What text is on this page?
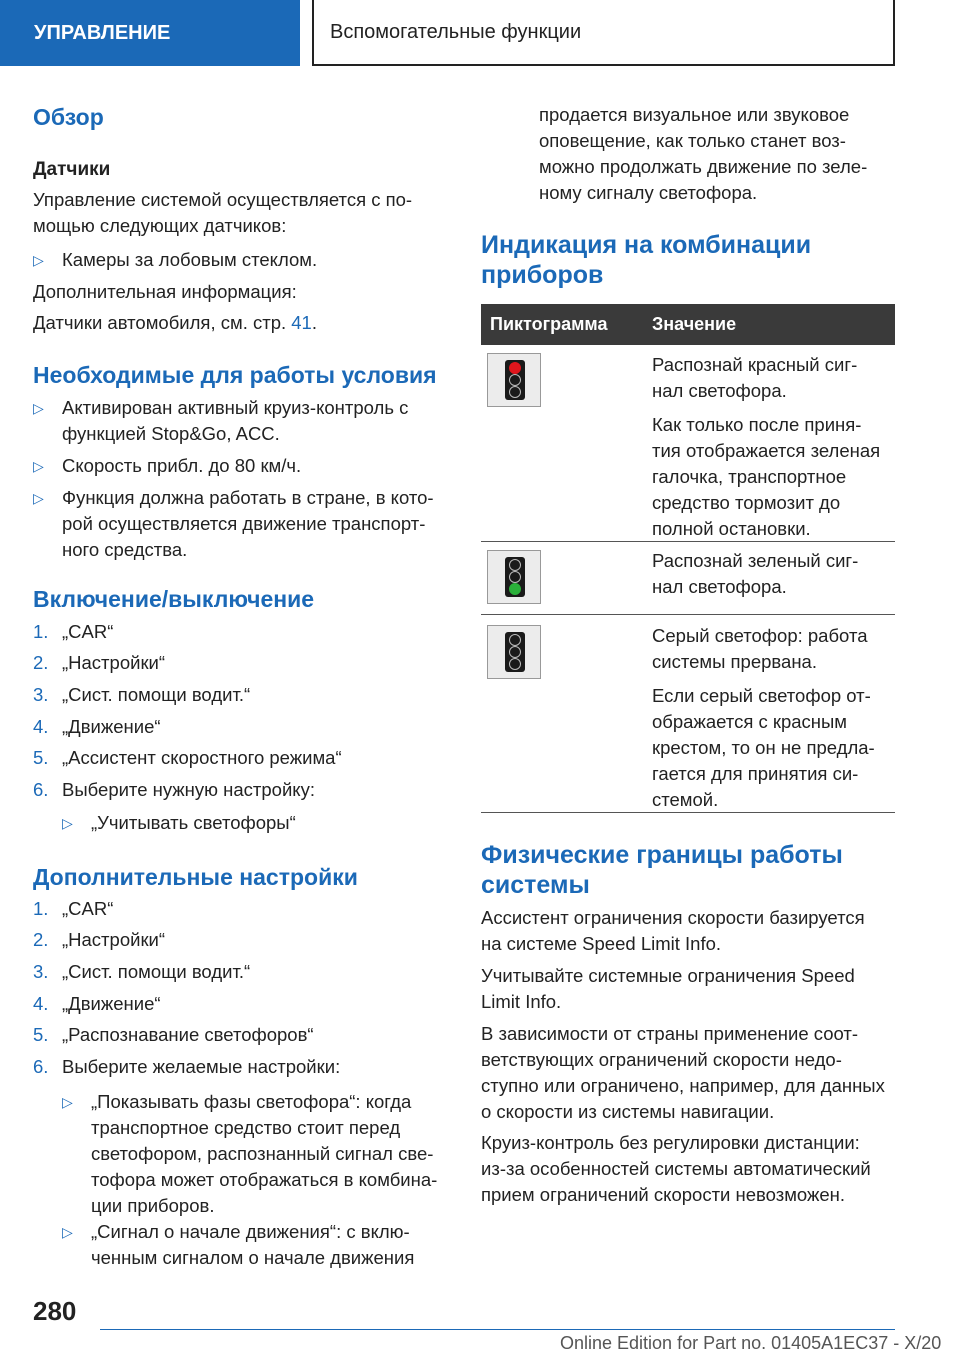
УПРАВЛЕНИЕ	Вспомогательные функции
Обзор
Датчики

Управление системой осуществляется с по-

мощью следующих датчиков:

▷ Камеры за лобовым стеклом.

Дополнительная информация:

Датчики автомобиля, см. стр. 41.

Необходимые для работы условия
▷ Активирован активный круиз-контроль с
функцией Stop&Go, ACC.
▷ Скорость прибл. до 80 км/ч.
▷ Функция должна работать в стране, в кото-
рой осуществляется движение транспорт-
ного средства.
Включение/выключение
1. „CAR“
2. „Настройки“
3. „Сист. помощи водит.“
4. „Движение“
5. „Ассистент скоростного режима“
6. Выберите нужную настройку:
▷ „Учитывать светофоры“
Дополнительные настройки
1. „CAR“
2. „Настройки“
3. „Сист. помощи водит.“
4. „Движение“
5. „Распознавание светофоров“
6. Выберите желаемые настройки:
▷ „Показывать фазы светофора“: когда
транспортное средство стоит перед
светофором, распознанный сигнал све-
тофора может отображаться в комбина-
ции приборов.
▷ „Сигнал о начале движения“: с вклю-
ченным сигналом о начале движения

продается визуальное или звуковое

оповещение, как только станет воз-

можно продолжать движение по зеле-

ному сигналу светофора.

Индикация на комбинации
приборов
Пиктограмма Значение

Распознай красный сиг-

нал светофора.

Как только после приня-

тия отображается зеленая

галочка, транспортное

средство тормозит до

полной остановки.

Распознай зеленый сиг-

нал светофора.

Серый светофор: работа

системы прервана.

Если серый светофор от-

ображается с красным

крестом, то он не предла-

гается для принятия си-

стемой.

Физические границы работы
системы

Ассистент ограничения скорости базируется

на системе Speed Limit Info.

Учитывайте системные ограничения Speed

Limit Info.

В зависимости от страны применение соот-

ветствующих ограничений скорости недо-

ступно или ограничено, например, для данных

о скорости из системы навигации.

Круиз-контроль без регулировки дистанции:

из-за особенностей системы автоматический

прием ограничений скорости невозможен.

280
Online Edition for Part no. 01405A1EC37 - X/20
